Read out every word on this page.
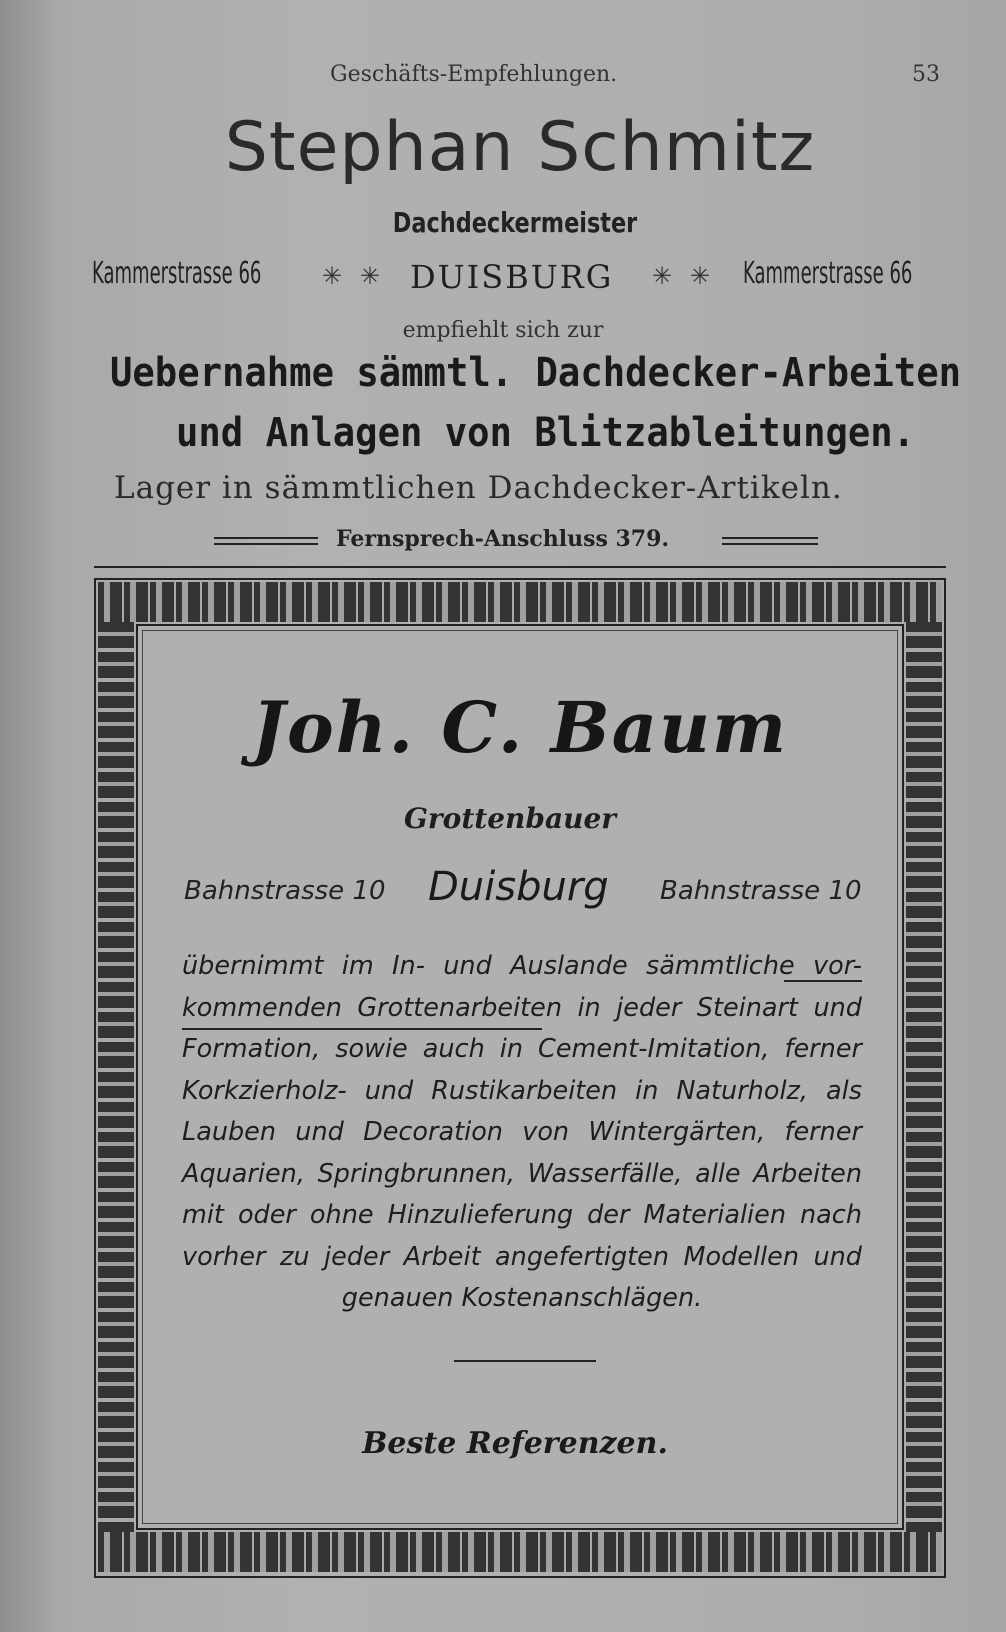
Geschäfts-Empfehlungen.	53
Stephan Schmitz
Dachdeckermeister
Kammerstrasse 66	✳ ✳ DUISBURG ✳ ✳ Kammerstrasse 66
empfiehlt sich zur
Uebernahme sämmtl. Dachdecker-Arbeiten
und Anlagen von Blitzableitungen.
Lager in sämmtlichen Dachdecker-Artikeln.
Fernsprech-Anschluss 379.
Joh. C. Baum
Grottenbauer
Bahnstrasse 10 Duisburg Bahnstrasse 10
übernimmt im In- und Auslande sämmtliche vor-
kommenden Grottenarbeiten in jeder Steinart und
Formation, sowie auch in Cement-Imitation, ferner
Korkzierholz- und Rustikarbeiten in Naturholz, als
Lauben und Decoration von Wintergärten, ferner
Aquarien, Springbrunnen, Wasserfälle, alle Arbeiten
mit oder ohne Hinzulieferung der Materialien nach
vorher zu jeder Arbeit angefertigten Modellen und
genauen Kostenanschlägen.
Beste Referenzen.
